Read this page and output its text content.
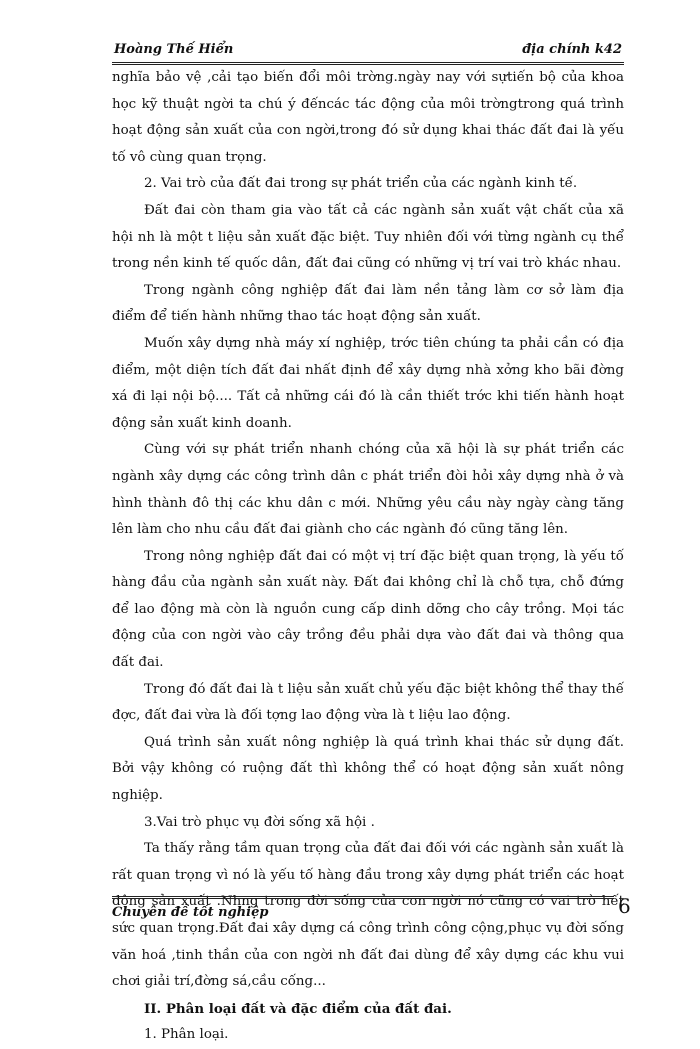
Hoàng Thế Hiển	địa chính k42

nghĩa bảo vệ ,cải tạo biến đổi môi trờng.ngày nay với sựtiến bộ của khoa học kỹ thuật ngời ta chú ý đếncác tác động của môi trờngtrong quá trình hoạt động sản xuất của con ngời,trong đó sử dụng khai thác đất đai là yếu tố vô cùng quan trọng.

2. Vai trò của đất đai trong sự phát triển của các ngành kinh tế.

Đất đai còn tham gia vào tất cả các ngành sản xuất vật chất của xã hội nh là một t liệu sản xuất đặc biệt. Tuy nhiên đối với từng ngành cụ thể trong nền kinh tế quốc dân, đất đai cũng có những vị trí vai trò khác nhau.

Trong ngành công nghiệp đất đai làm nền tảng làm cơ sở làm địa điểm để tiến hành những thao tác hoạt động sản xuất.

Muốn xây dựng nhà máy xí nghiệp, trớc tiên chúng ta phải cần có địa điểm, một diện tích đất đai nhất định để xây dựng nhà xởng kho bãi đờng xá đi lại nội bộ.... Tất cả những cái đó là cần thiết trớc khi tiến hành hoạt động sản xuất kinh doanh.

Cùng với sự phát triển nhanh chóng của xã hội là sự phát triển các ngành xây dựng các công trình dân c phát triển đòi hỏi xây dựng nhà ở và hình thành đô thị các khu dân c mới. Những yêu cầu này ngày càng tăng lên làm cho nhu cầu đất đai giành cho các ngành đó cũng tăng lên.

Trong nông nghiệp đất đai có một vị trí đặc biệt quan trọng, là yếu tố hàng đầu của ngành sản xuất này. Đất đai không chỉ là chỗ tựa, chỗ đứng để lao động mà còn là nguồn cung cấp dinh dỡng cho cây trồng. Mọi tác động của con ngời vào cây trồng đều phải dựa vào đất đai và thông qua đất đai.

Trong đó đất đai là t liệu sản xuất chủ yếu đặc biệt không thể thay thế đợc, đất đai vừa là đối tợng lao động vừa là t liệu lao động.

Quá trình sản xuất nông nghiệp là quá trình khai thác sử dụng đất. Bởi vậy không có ruộng đất thì không thể có hoạt động sản xuất nông nghiệp.

3.Vai trò phục vụ đời sống xã hội .

Ta thấy rằng tầm quan trọng của đất đai đối với các ngành sản xuất là rất quan trọng vì nó là yếu tố hàng đầu trong xây dựng phát triển các hoạt động sản xuất .Nhng trong đời sống của con ngời nó cũng có vai trò hết sức quan trọng.Đất đai xây dựng cá công trình công cộng,phục vụ đời sống văn hoá ,tinh thần của con ngời nh đất đai dùng để xây dựng các khu vui chơi giải trí,đờng sá,cầu cống...

II. Phân loại đất và đặc điểm của đất đai.

1. Phân loại.

Chuyên đề tốt nghiệp	6
